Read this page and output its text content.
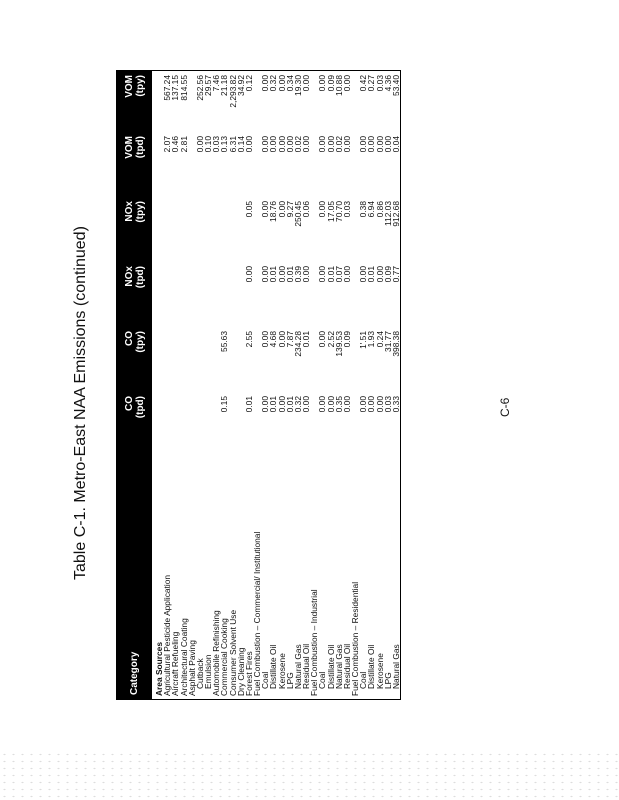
Table C-1. Metro-East NAA Emissions (continued)
Category
CO (tpd)
CO (tpy)
NOx (tpd)
NOx (tpy)
VOM (tpd)
VOM (tpy)
Area Sources
Agricultural Pesticide Application
2.07
567.24
Aircraft Refueling
0.46
137.15
Architectural Coating
2.81
814.55
Asphalt Paving
Cutback
0.00
252.56
Emulsion
0.10
29.57
Automobile Refinishing
0.03
7.46
Commercial Cooking
0.15
55.63
0.13
21.18
Consumer Solvent Use
6.31
2,293.82
Dry Cleaning
0.14
34.92
Forest Fires
0.01
2.55
0.00
0.05
0.00
0.12
Fuel Combustion – Commercial/ Institutional
Coal
0.00
0.00
0.00
0.00
0.00
0.00
Distillate Oil
0.01
4.68
0.01
18.76
0.00
0.32
Kerosene
0.00
0.00
0.00
0.00
0.00
0.00
LPG
0.01
7.87
0.01
9.27
0.00
0.34
Natural Gas
0.32
234.28
0.39
250.45
0.02
19.30
Residual Oil
0.00
0.01
0.00
0.06
0.00
0.00
Fuel Combustion – Industrial
Coal
0.00
0.00
0.00
0.00
0.00
0.00
Distillate Oil
0.00
2.52
0.01
17.05
0.00
0.09
Natural Gas
0.35
139.53
0.07
70.70
0.02
10.88
Residual Oil
0.00
0.09
0.00
0.03
0.00
0.00
Fuel Combustion – Residential
Coal
0.00
1'.51
0.00
0.38
0.00
0.42
Distillate Oil
0.00
1.93
0.01
6.94
0.00
0.27
Kerosene
0.00
0.24
0.00
0.86
0.00
0.03
LPG
0.03
31.77
0.09
112.03
0.00
4.36
Natural Gas
0.33
398.38
0.77
912.68
0.04
53.40
C-6
